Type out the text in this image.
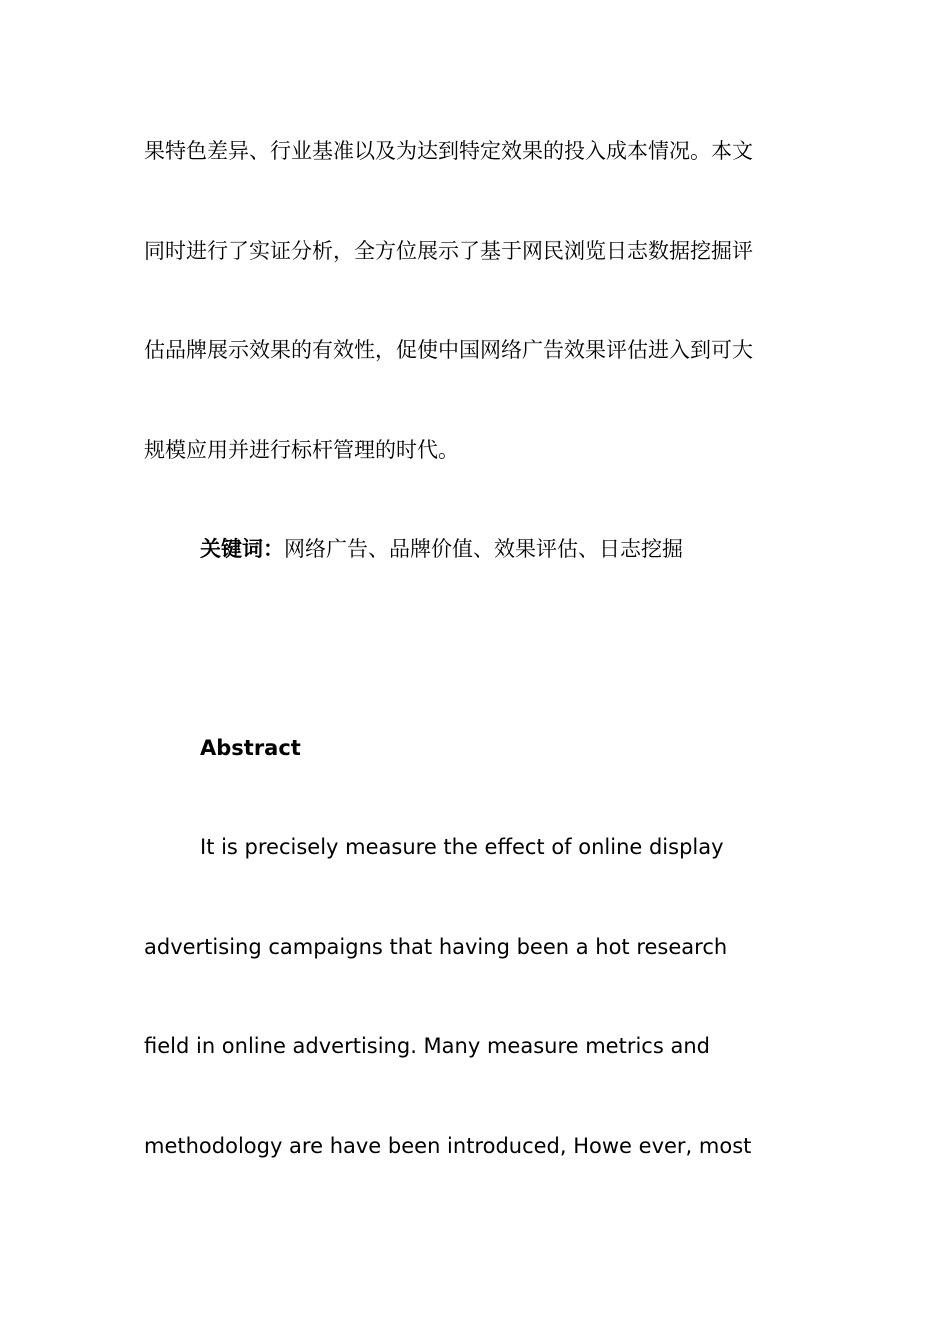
果特色差异、行业基准以及为达到特定效果的投入成本情况。本文
同时进行了实证分析，全方位展示了基于网民浏览日志数据挖掘评
估品牌展示效果的有效性，促使中国网络广告效果评估进入到可大
规模应用并进行标杆管理的时代。
关键词：网络广告、品牌价值、效果评估、日志挖掘
Abstract
It is precisely measure the effect of online display
advertising campaigns that having been a hot research
field in online advertising. Many measure metrics and
methodology are have been introduced, Howe ever, most
